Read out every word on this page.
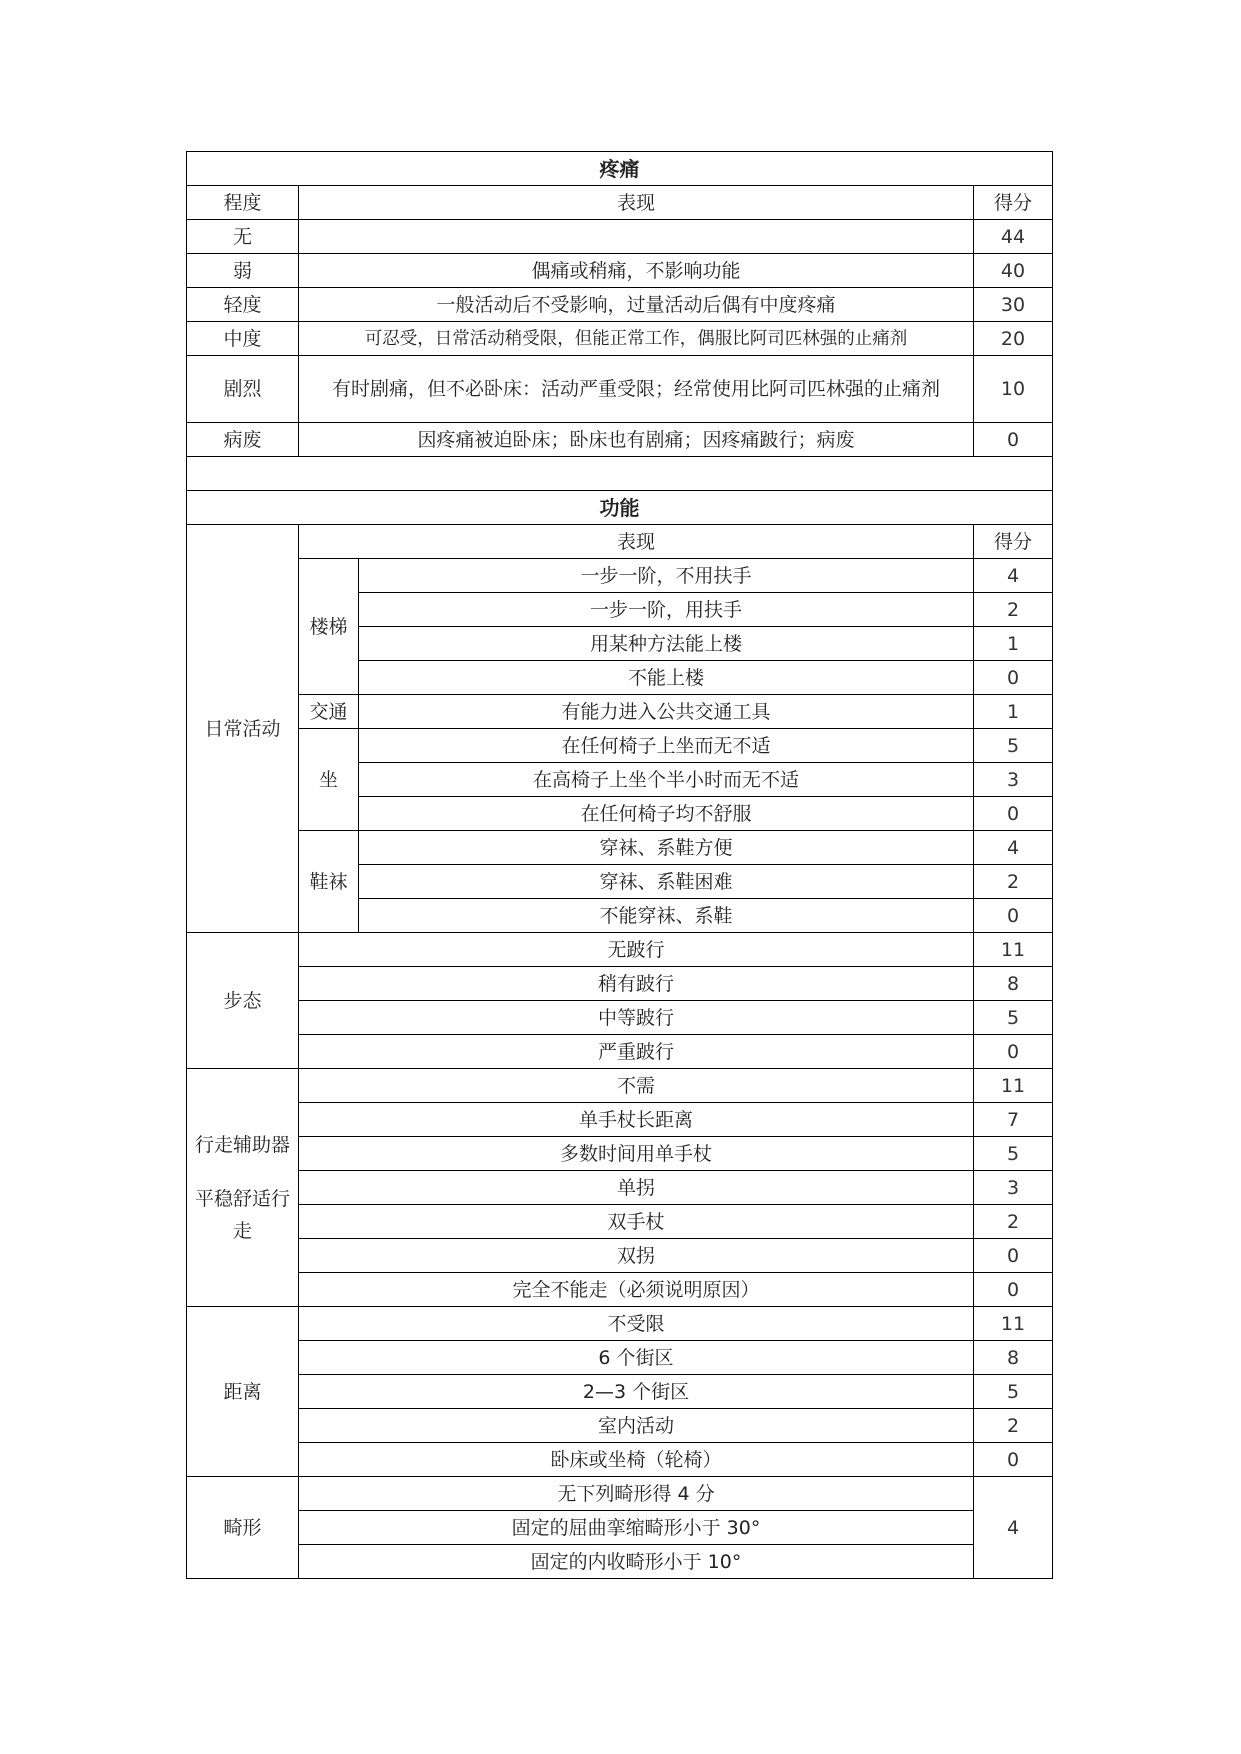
疼痛			
程度	表现		得分
无			44
弱	偶痛或稍痛，不影响功能		40
轻度	一般活动后不受影响，过量活动后偶有中度疼痛		30
中度	可忍受，日常活动稍受限，但能正常工作，偶服比阿司匹林强的止痛剂		20
剧烈	有时剧痛，但不必卧床：活动严重受限；经常使用比阿司匹林强的止痛剂		10
病废	因疼痛被迫卧床；卧床也有剧痛；因疼痛跛行；病废		0

功能			
日常活动	表现		得分
	楼梯	一步一阶，不用扶手	4
		一步一阶，用扶手	2
		用某种方法能上楼	1
		不能上楼	0
	交通	有能力进入公共交通工具	1
	坐	在任何椅子上坐而无不适	5
		在高椅子上坐个半小时而无不适	3
		在任何椅子均不舒服	0
	鞋袜	穿袜、系鞋方便	4
		穿袜、系鞋困难	2
		不能穿袜、系鞋	0
步态	无跛行		11
	稍有跛行		8
	中等跛行		5
	严重跛行		0

行走辅助器
平稳舒适行走	不需		11
	单手杖长距离		7
	多数时间用单手杖		5
	单拐		3
	双手杖		2
	双拐		0
	完全不能走（必须说明原因）		0
距离	不受限		11
	6 个街区		8
	2—3 个街区		5
	室内活动		2
	卧床或坐椅（轮椅）		0
畸形	无下列畸形得 4 分		4
	固定的屈曲挛缩畸形小于 30°		
	固定的内收畸形小于 10°		
